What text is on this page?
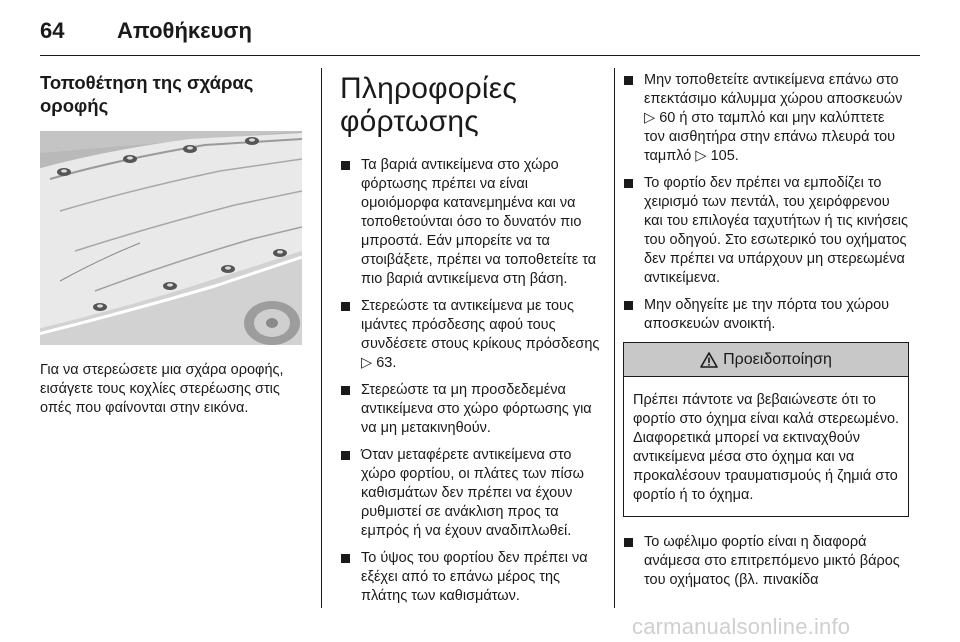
64 Αποθήκευση
Τοποθέτηση της σχάρας οροφής

Για να στερεώσετε μια σχάρα οροφής, εισάγετε τους κοχλίες στερέωσης στις οπές που φαίνονται στην εικόνα.

Πληροφορίες
φόρτωσης
Τα βαριά αντικείμενα στο χώρο φόρτωσης πρέπει να είναι ομοιόμορφα κατανεμημένα και να τοποθετούνται όσο το δυνατόν πιο μπροστά. Εάν μπορείτε να τα στοιβάξετε, πρέπει να τοποθετείτε τα πιο βαριά αντικείμενα στη βάση.
Στερεώστε τα αντικείμενα με τους ιμάντες πρόσδεσης αφού τους συνδέσετε στους κρίκους πρόσδεσης
▷ 63.
Στερεώστε τα μη προσδεδεμένα αντικείμενα στο χώρο φόρτωσης για να μη μετακινηθούν.
Όταν μεταφέρετε αντικείμενα στο χώρο φορτίου, οι πλάτες των πίσω καθισμάτων δεν πρέπει να έχουν ρυθμιστεί σε ανάκλιση προς τα εμπρός ή να έχουν αναδιπλωθεί.
Το ύψος του φορτίου δεν πρέπει να εξέχει από το επάνω μέρος της πλάτης των καθισμάτων.
Μην τοποθετείτε αντικείμενα επάνω στο επεκτάσιμο κάλυμμα χώρου αποσκευών ▷ 60 ή στο ταμπλό και μην καλύπτετε τον αισθητήρα στην επάνω πλευρά του ταμπλό ▷ 105.
Το φορτίο δεν πρέπει να εμποδίζει το χειρισμό των πεντάλ, του χειρόφρενου και του επιλογέα ταχυτήτων ή τις κινήσεις του οδηγού. Στο εσωτερικό του οχήματος δεν πρέπει να υπάρχουν μη στερεωμένα αντικείμενα.
Μην οδηγείτε με την πόρτα του χώρου αποσκευών ανοικτή.
Προειδοποίηση
Πρέπει πάντοτε να βεβαιώνεστε ότι το φορτίο στο όχημα είναι καλά στερεωμένο. Διαφορετικά μπορεί να εκτιναχθούν αντικείμενα μέσα στο όχημα και να προκαλέσουν τραυματισμούς ή ζημιά στο φορτίο ή το όχημα.
Το ωφέλιμο φορτίο είναι η διαφορά ανάμεσα στο επιτρεπόμενο μικτό βάρος του οχήματος (βλ. πινακίδα
carmanualsonline.info
